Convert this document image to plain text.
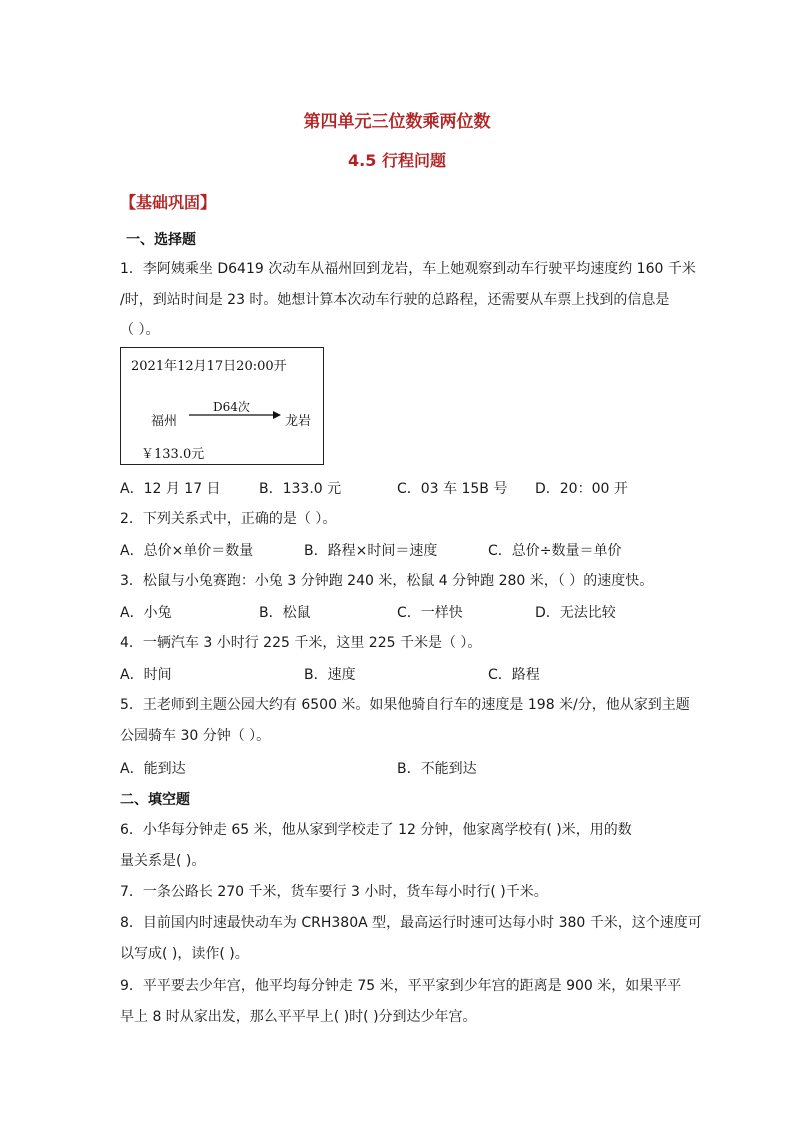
第四单元三位数乘两位数
4.5 行程问题
【基础巩固】
一、选择题
1．李阿姨乘坐 D6419 次动车从福州回到龙岩，车上她观察到动车行驶平均速度约 160 千米
/时，到站时间是 23 时。她想计算本次动车行驶的总路程，还需要从车票上找到的信息是
（ ）。
2021年12月17日20:00开
福州
D64次
龙岩
￥133.0元
A．12 月 17 日	B．133.0 元	C．03 车 15B 号 D．20：00 开
2．下列关系式中，正确的是（ ）。
A．总价×单价＝数量	B．路程×时间＝速度	C．总价÷数量＝单价
3．松鼠与小兔赛跑：小兔 3 分钟跑 240 米，松鼠 4 分钟跑 280 米，（ ）的速度快。
A．小兔	B．松鼠	C．一样快	D．无法比较
4．一辆汽车 3 小时行 225 千米，这里 225 千米是（ ）。
A．时间	B．速度	C．路程
5．王老师到主题公园大约有 6500 米。如果他骑自行车的速度是 198 米/分，他从家到主题
公园骑车 30 分钟（ ）。
A．能到达	B．不能到达
二、填空题
6．小华每分钟走 65 米，他从家到学校走了 12 分钟，他家离学校有( )米，用的数
量关系是( )。
7．一条公路长 270 千米，货车要行 3 小时，货车每小时行( )千米。
8．目前国内时速最快动车为 CRH380A 型，最高运行时速可达每小时 380 千米，这个速度可
以写成( )，读作( )。
9．平平要去少年宫，他平均每分钟走 75 米，平平家到少年宫的距离是 900 米，如果平平
早上 8 时从家出发，那么平平早上( )时( )分到达少年宫。
